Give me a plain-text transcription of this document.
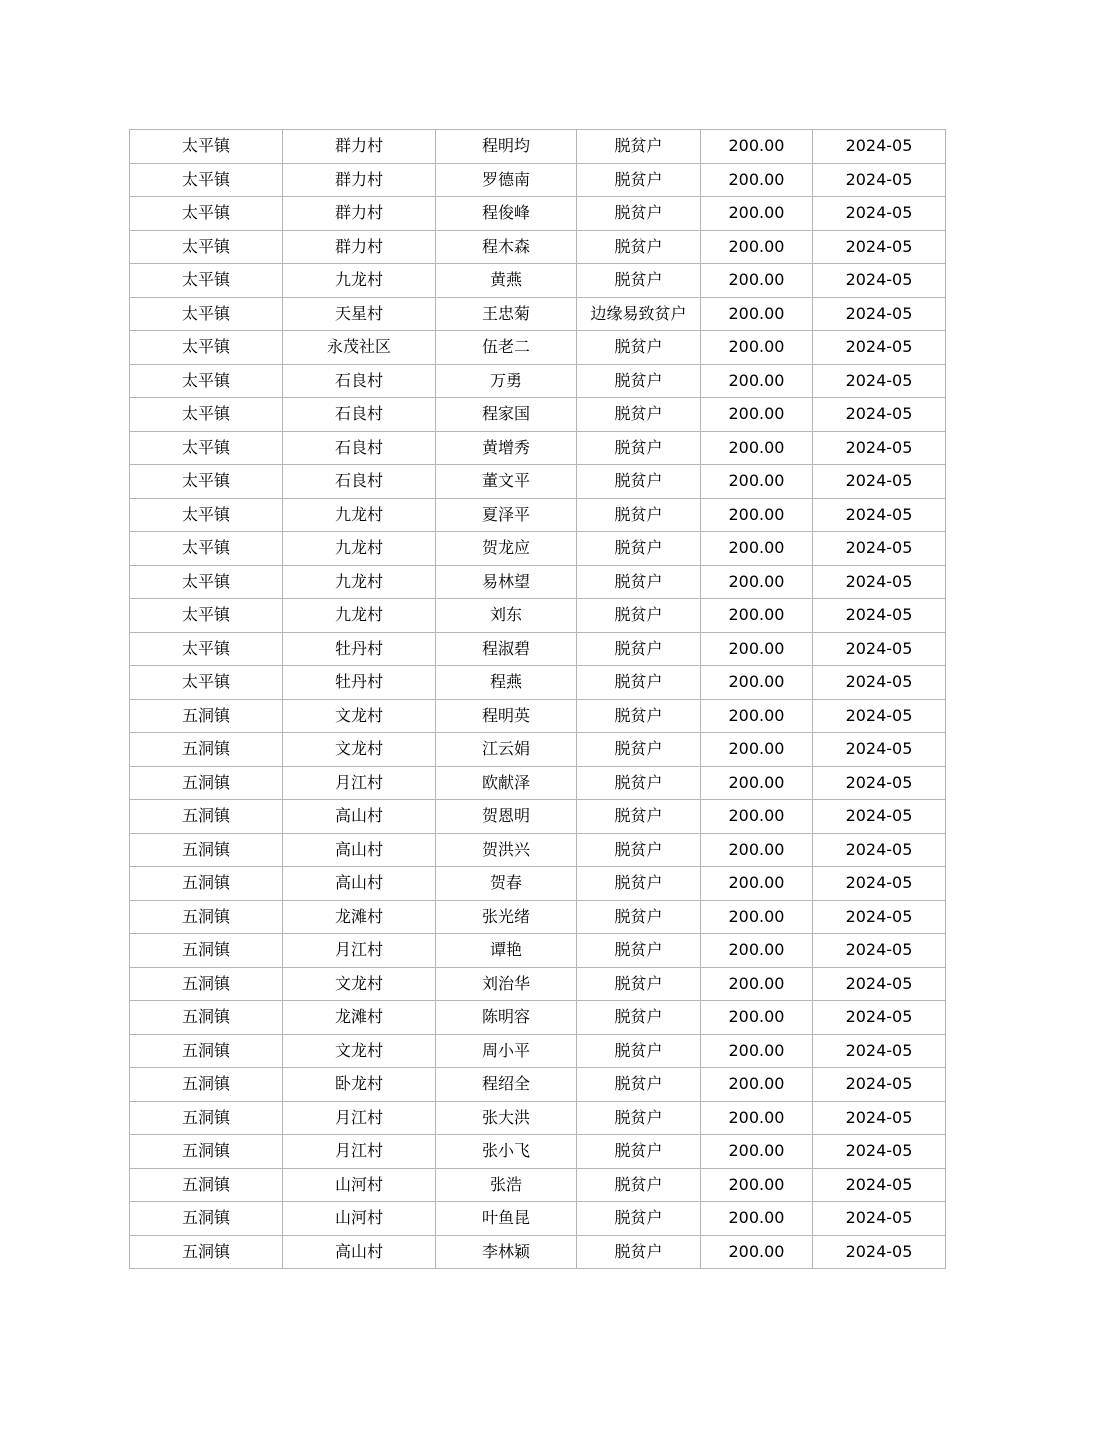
太平镇	群力村	程明均	脱贫户	200.00	2024-05
太平镇	群力村	罗德南	脱贫户	200.00	2024-05
太平镇	群力村	程俊峰	脱贫户	200.00	2024-05
太平镇	群力村	程木森	脱贫户	200.00	2024-05
太平镇	九龙村	黄燕	脱贫户	200.00	2024-05
太平镇	天星村	王忠菊	边缘易致贫户	200.00	2024-05
太平镇	永茂社区	伍老二	脱贫户	200.00	2024-05
太平镇	石良村	万勇	脱贫户	200.00	2024-05
太平镇	石良村	程家国	脱贫户	200.00	2024-05
太平镇	石良村	黄增秀	脱贫户	200.00	2024-05
太平镇	石良村	董文平	脱贫户	200.00	2024-05
太平镇	九龙村	夏泽平	脱贫户	200.00	2024-05
太平镇	九龙村	贺龙应	脱贫户	200.00	2024-05
太平镇	九龙村	易林望	脱贫户	200.00	2024-05
太平镇	九龙村	刘东	脱贫户	200.00	2024-05
太平镇	牡丹村	程淑碧	脱贫户	200.00	2024-05
太平镇	牡丹村	程燕	脱贫户	200.00	2024-05
五洞镇	文龙村	程明英	脱贫户	200.00	2024-05
五洞镇	文龙村	江云娟	脱贫户	200.00	2024-05
五洞镇	月江村	欧献泽	脱贫户	200.00	2024-05
五洞镇	高山村	贺恩明	脱贫户	200.00	2024-05
五洞镇	高山村	贺洪兴	脱贫户	200.00	2024-05
五洞镇	高山村	贺春	脱贫户	200.00	2024-05
五洞镇	龙滩村	张光绪	脱贫户	200.00	2024-05
五洞镇	月江村	谭艳	脱贫户	200.00	2024-05
五洞镇	文龙村	刘治华	脱贫户	200.00	2024-05
五洞镇	龙滩村	陈明容	脱贫户	200.00	2024-05
五洞镇	文龙村	周小平	脱贫户	200.00	2024-05
五洞镇	卧龙村	程绍全	脱贫户	200.00	2024-05
五洞镇	月江村	张大洪	脱贫户	200.00	2024-05
五洞镇	月江村	张小飞	脱贫户	200.00	2024-05
五洞镇	山河村	张浩	脱贫户	200.00	2024-05
五洞镇	山河村	叶鱼昆	脱贫户	200.00	2024-05
五洞镇	高山村	李林颖	脱贫户	200.00	2024-05
